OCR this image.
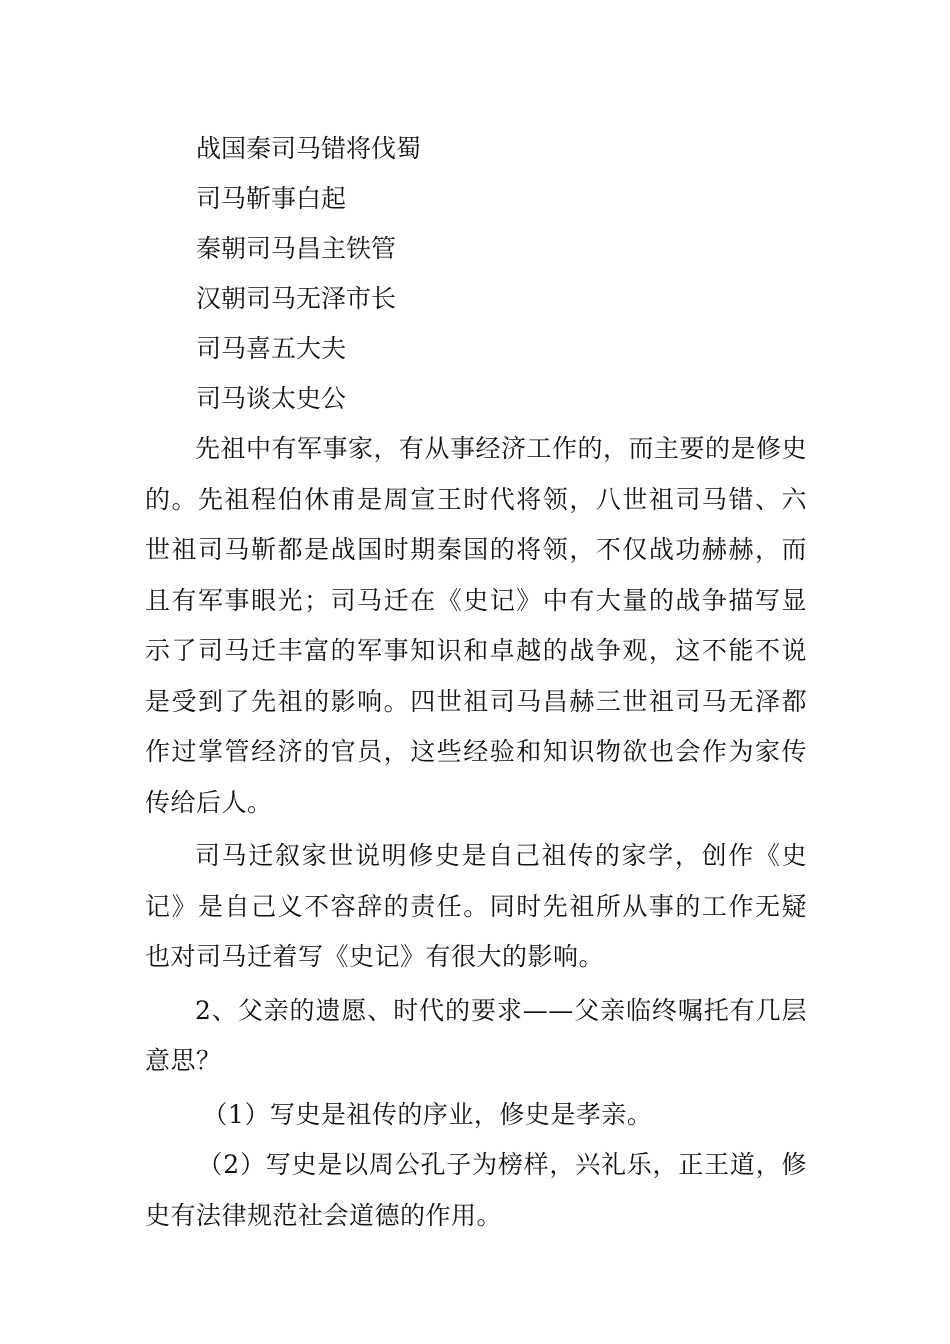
战国秦司马错将伐蜀

司马靳事白起

秦朝司马昌主铁管

汉朝司马无泽市长

司马喜五大夫

司马谈太史公

先祖中有军事家，有从事经济工作的，而主要的是修史的。先祖程伯休甫是周宣王时代将领，八世祖司马错、六世祖司马靳都是战国时期秦国的将领，不仅战功赫赫，而且有军事眼光；司马迁在《史记》中有大量的战争描写显示了司马迁丰富的军事知识和卓越的战争观，这不能不说是受到了先祖的影响。四世祖司马昌赫三世祖司马无泽都作过掌管经济的官员，这些经验和知识物欲也会作为家传传给后人。

司马迁叙家世说明修史是自己祖传的家学，创作《史记》是自己义不容辞的责任。同时先祖所从事的工作无疑也对司马迁着写《史记》有很大的影响。

2、父亲的遗愿、时代的要求——父亲临终嘱托有几层意思？

（1）写史是祖传的序业，修史是孝亲。

（2）写史是以周公孔子为榜样，兴礼乐，正王道，修史有法律规范社会道德的作用。
